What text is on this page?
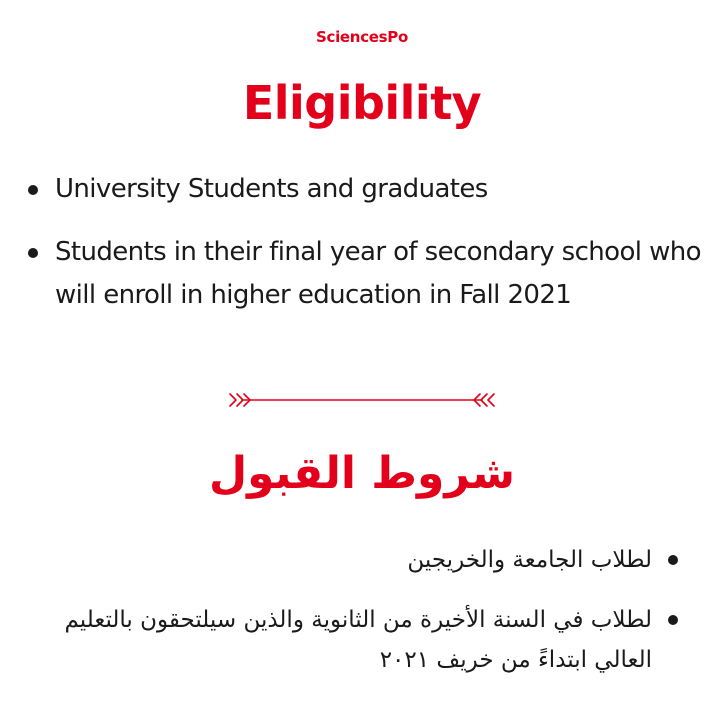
SciencesPo
Eligibility
University Students and graduates
Students in their final year of secondary school who will enroll in higher education in Fall 2021
شروط القبول
لطلاب الجامعة والخريجين
لطلاب في السنة الأخيرة من الثانوية والذين سيلتحقون بالتعليم العالي ابتداءً من خريف ٢٠٢١
